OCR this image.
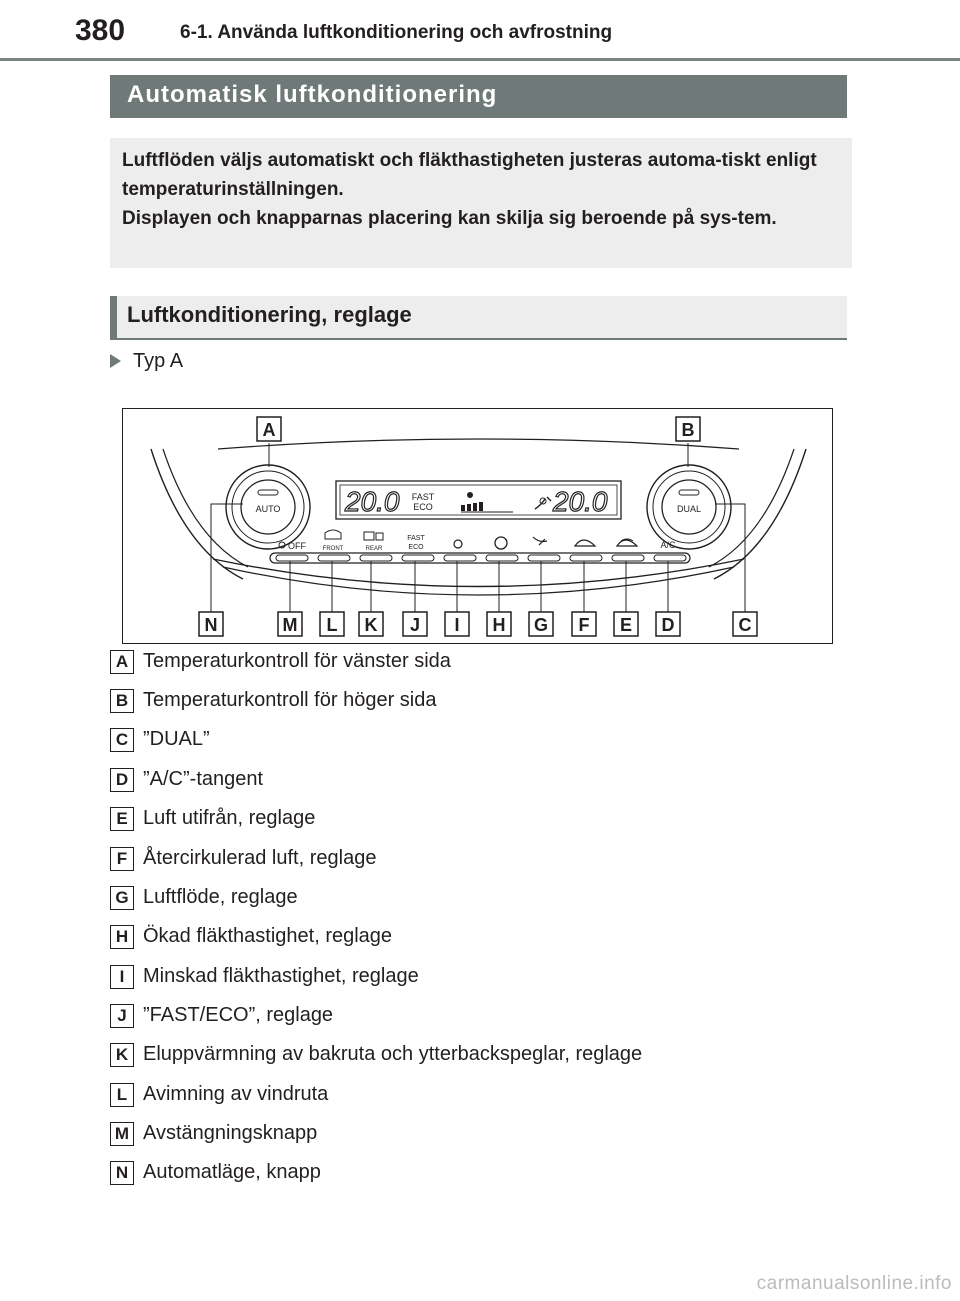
380	6-1. Använda luftkonditionering och avfrostning
Automatisk luftkonditionering

Luftflöden väljs automatiskt och fläkthastigheten justeras automa-tiskt enligt temperaturinställningen.

Displayen och knapparnas placering kan skilja sig beroende på sys-tem.

Luftkonditionering, reglage
Typ A
AUTO	DUAL
20.0 FAST
ECO	20.0
OFF	FRONT	REAR
FAST
ECO	A/C
A	B
N	M L K J I H G F E D	C
A Temperaturkontroll för vänster sida
B Temperaturkontroll för höger sida
C ”DUAL”
D ”A/C”-tangent
E Luft utifrån, reglage
F Återcirkulerad luft, reglage
G Luftflöde, reglage
H Ökad fläkthastighet, reglage
I Minskad fläkthastighet, reglage
J ”FAST/ECO”, reglage
K Eluppvärmning av bakruta och ytterbackspeglar, reglage
L Avimning av vindruta
M Avstängningsknapp
N Automatläge, knapp
carmanualsonline.info
